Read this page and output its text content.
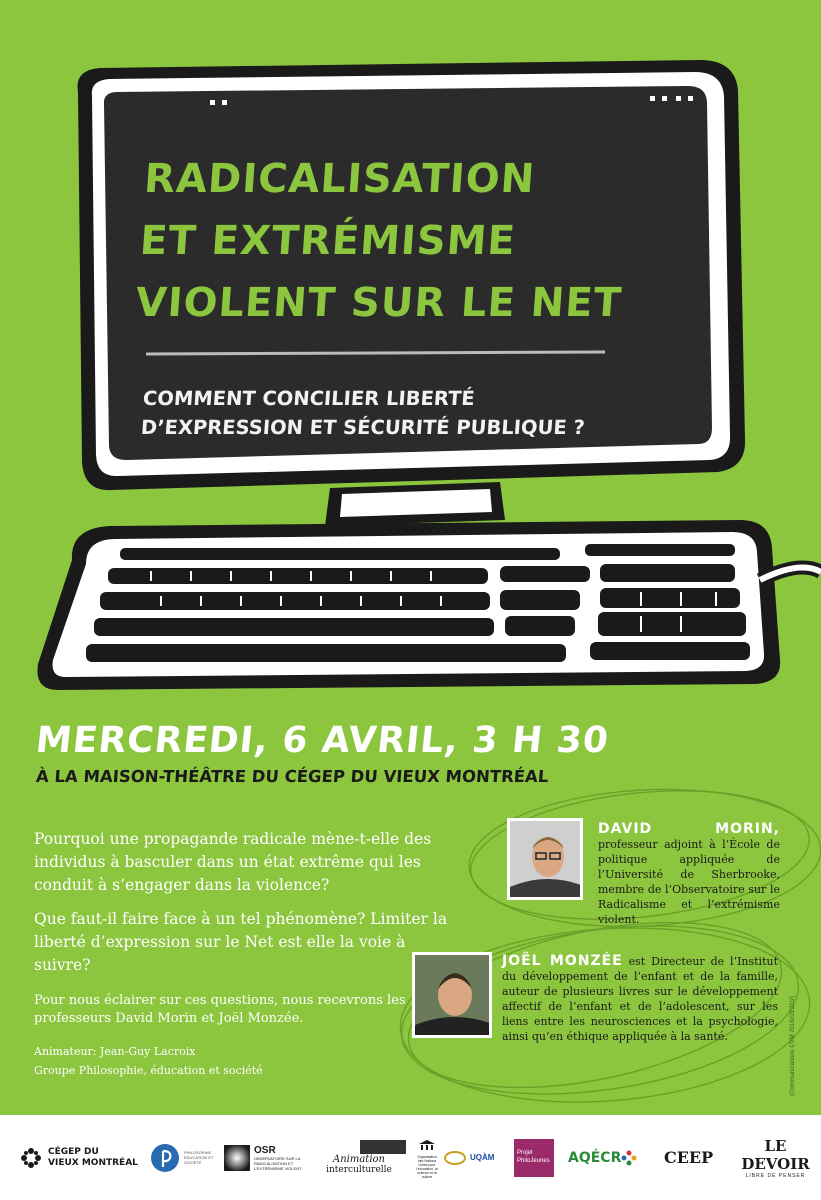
RADICALISATION
ET EXTRÉMISME
VIOLENT SUR LE NET
COMMENT CONCILIER LIBERTÉ
D’EXPRESSION ET SÉCURITÉ PUBLIQUE ?
MERCREDI, 6 AVRIL, 3 H 30
À LA MAISON-THÉÂTRE DU CÉGEP DU VIEUX MONTRÉAL
Pourquoi une propagande radicale mène-t-elle des individus à basculer dans un état extrême qui les conduit à s’engager dans la violence?
Que faut-il faire face à un tel phénomène? Limiter la liberté d’expression sur le Net est elle la voie à suivre?
Pour nous éclairer sur ces questions, nous recevrons les professeurs David Morin et Joël Monzée.
Animateur: Jean-Guy Lacroix
Groupe Philosophie, éducation et société
DAVID MORIN, professeur adjoint à l’École de politique appliquée de l’Université de Sherbrooke, membre de l’Observatoire sur le Radicalisme et l’extrémisme violent.
JOËL MONZÉE est Directeur de l’Institut du développement de l’enfant et de la famille, auteur de plusieurs livres sur le développement affectif de l’enfant et de l’adolescent, sur les liens entre les neurosciences et la psychologie, ainsi qu’en éthique appliquée à la santé.	(Communications CVM 2016/03/22/2)
CÉGEP DU
VIEUX MONTRÉAL
PHILOSOPHIE ÉDUCATION ET SOCIÉTÉ
OSR
OBSERVATOIRE SUR LA RADICALISATION ET L’EXTRÉMISME VIOLENT
Animation
interculturelle
Organisation des Nations Unies pour l’éducation, la science et la culture
UQÀM
Projet
PhiloJeunes AQÉCR	CEEP
LE DEVOIR
LIBRE DE PENSER
